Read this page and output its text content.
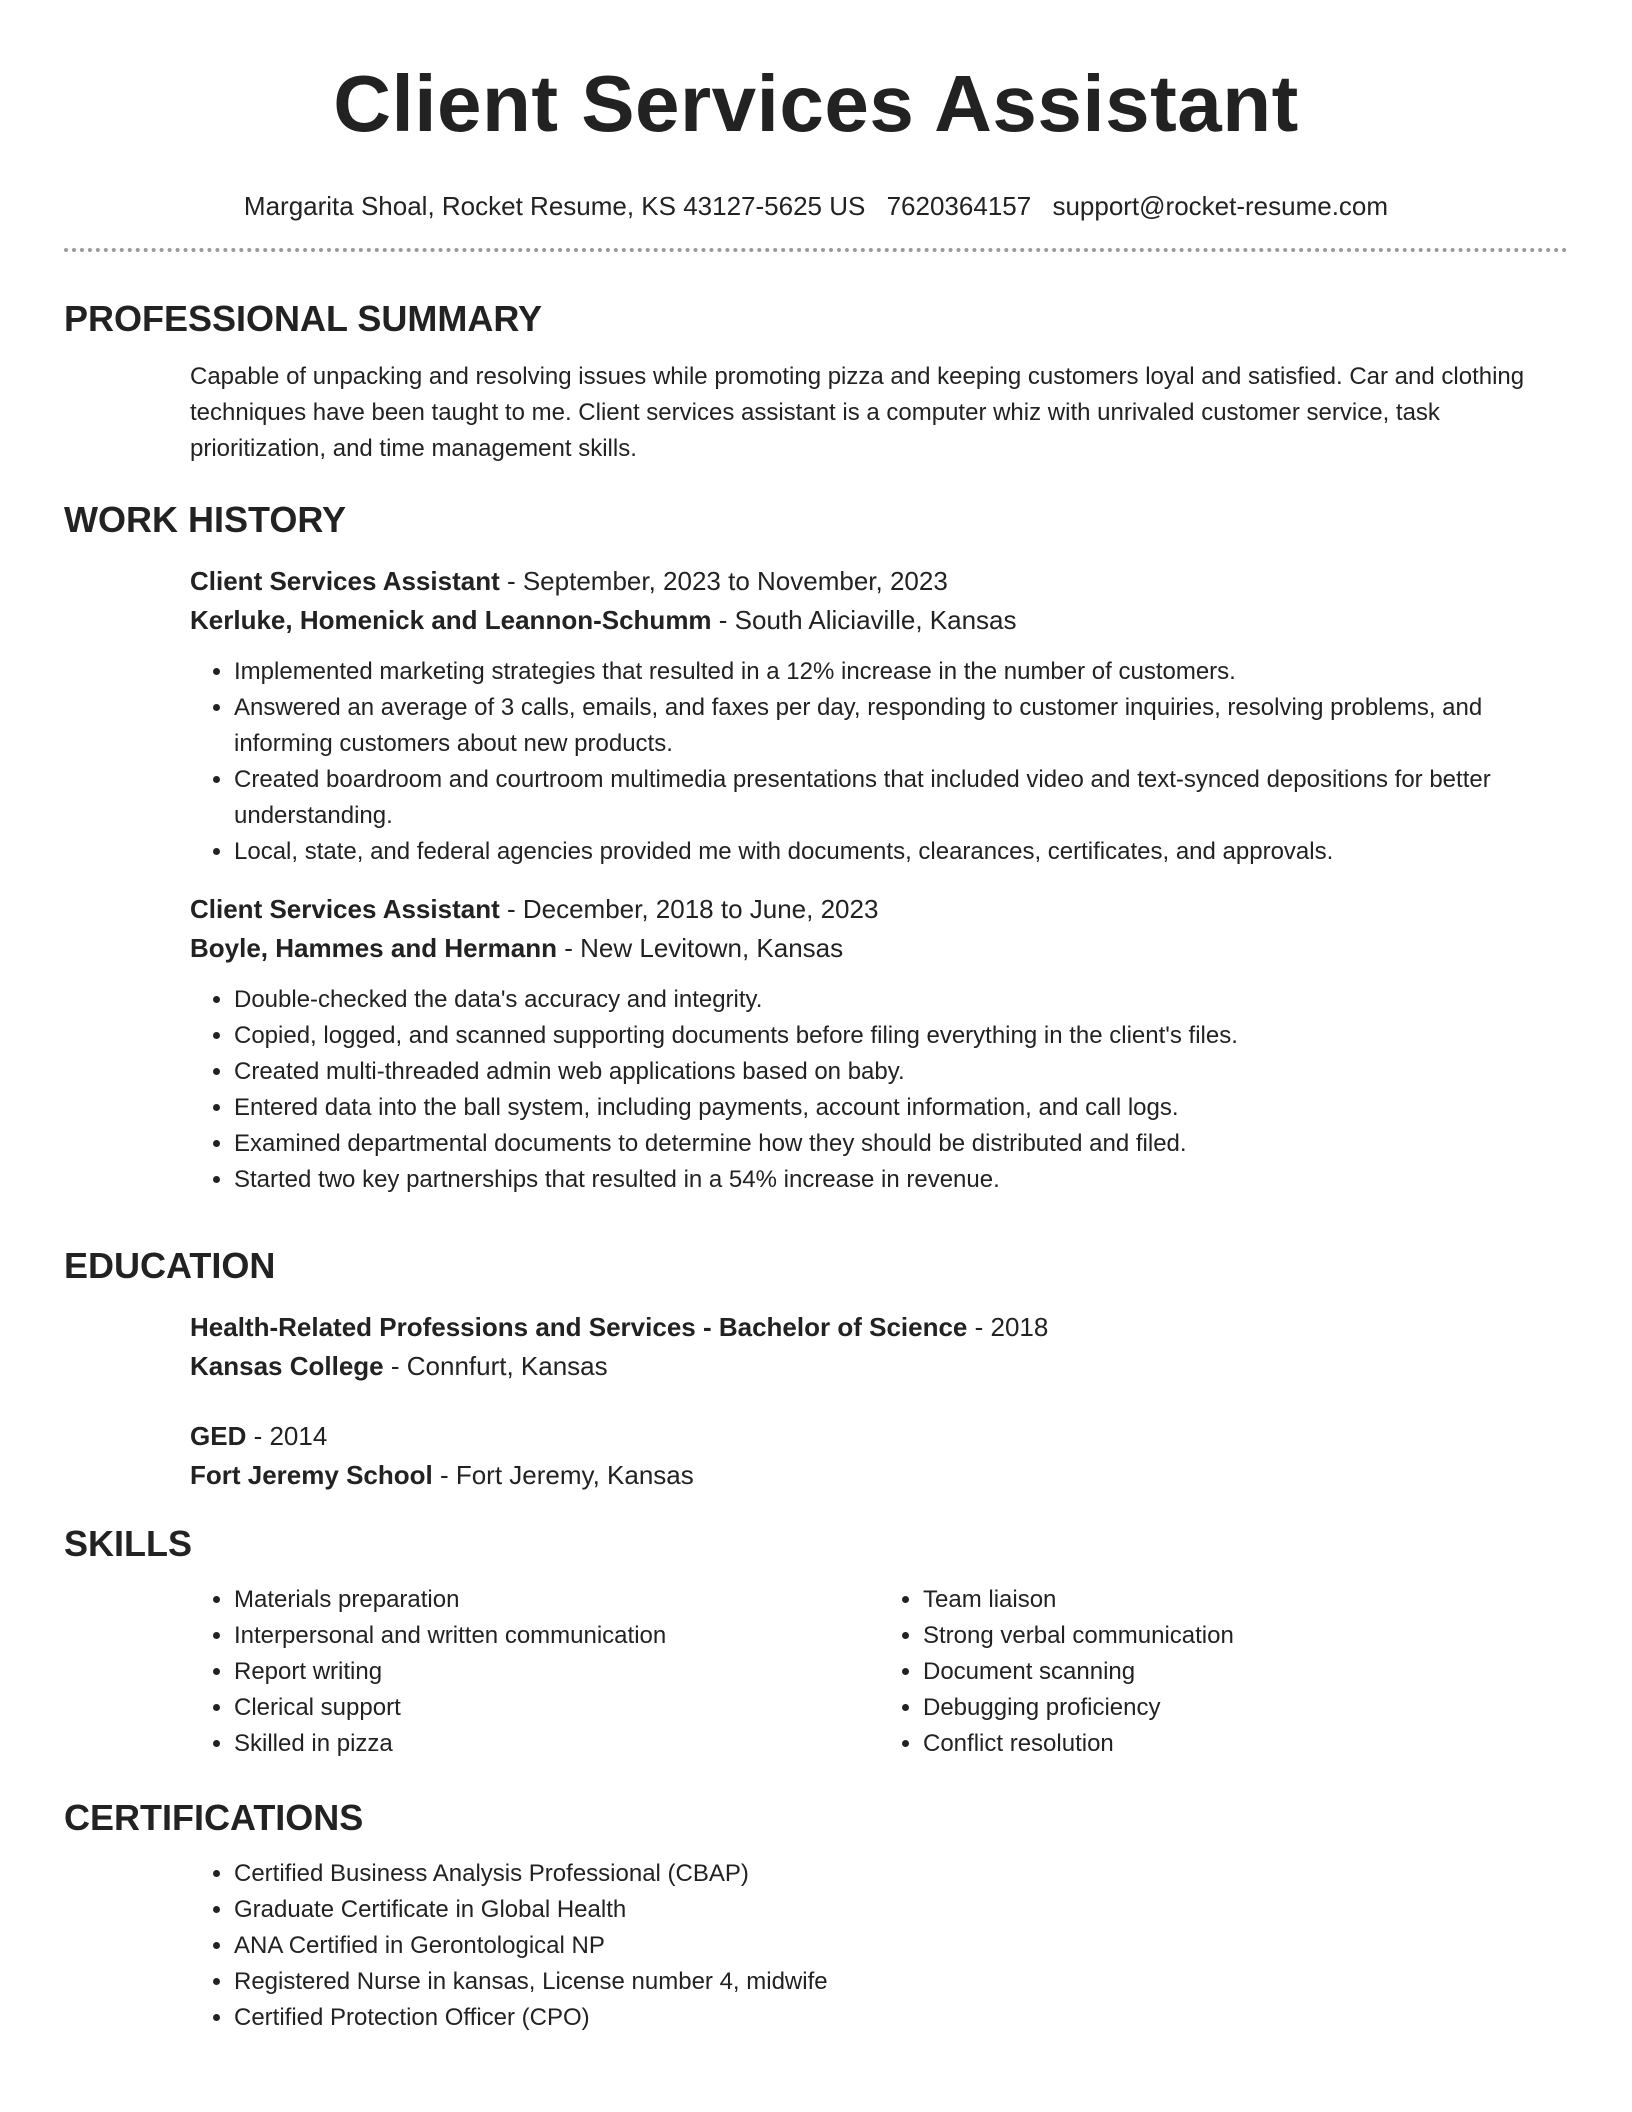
Client Services Assistant
Margarita Shoal, Rocket Resume, KS 43127-5625 US 7620364157 support@rocket-resume.com
PROFESSIONAL SUMMARY

Capable of unpacking and resolving issues while promoting pizza and keeping customers loyal and satisfied. Car and clothing techniques have been taught to me. Client services assistant is a computer whiz with unrivaled customer service, task prioritization, and time management skills.

WORK HISTORY
Client Services Assistant - September, 2023 to November, 2023
Kerluke, Homenick and Leannon-Schumm - South Aliciaville, Kansas
• Implemented marketing strategies that resulted in a 12% increase in the number of customers.
• Answered an average of 3 calls, emails, and faxes per day, responding to customer inquiries, resolving problems, and informing customers about new products.
• Created boardroom and courtroom multimedia presentations that included video and text-synced depositions for better understanding.
• Local, state, and federal agencies provided me with documents, clearances, certificates, and approvals.
Client Services Assistant - December, 2018 to June, 2023
Boyle, Hammes and Hermann - New Levitown, Kansas
• Double-checked the data's accuracy and integrity.
• Copied, logged, and scanned supporting documents before filing everything in the client's files.
• Created multi-threaded admin web applications based on baby.
• Entered data into the ball system, including payments, account information, and call logs.
• Examined departmental documents to determine how they should be distributed and filed.
• Started two key partnerships that resulted in a 54% increase in revenue.
EDUCATION
Health-Related Professions and Services - Bachelor of Science - 2018
Kansas College - Connfurt, Kansas
GED - 2014
Fort Jeremy School - Fort Jeremy, Kansas
SKILLS
• Materials preparation
• Interpersonal and written communication
• Report writing
• Clerical support
• Skilled in pizza
• Team liaison
• Strong verbal communication
• Document scanning
• Debugging proficiency
• Conflict resolution
CERTIFICATIONS
• Certified Business Analysis Professional (CBAP)
• Graduate Certificate in Global Health
• ANA Certified in Gerontological NP
• Registered Nurse in kansas, License number 4, midwife
• Certified Protection Officer (CPO)
